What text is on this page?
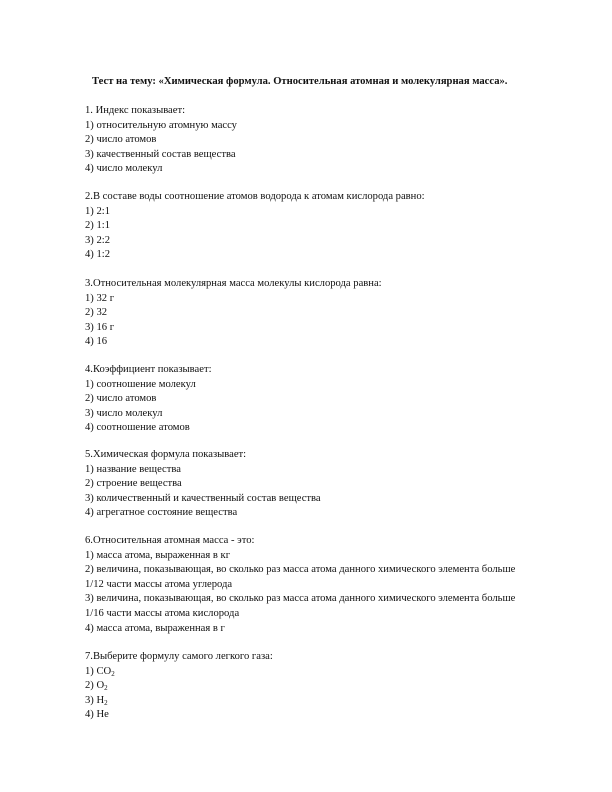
Тест на тему: «Химическая формула. Относительная атомная и молекулярная масса».
1. Индекс показывает:
1) относительную атомную массу
2) число атомов
3) качественный состав вещества
4) число молекул
2.В составе воды соотношение атомов водорода к атомам кислорода равно:
1) 2:1
2) 1:1
3) 2:2
4) 1:2
3.Относительная молекулярная масса молекулы кислорода равна:
1) 32 г
2) 32
3) 16 г
4) 16
4.Коэффициент показывает:
1) соотношение молекул
2) число атомов
3) число молекул
4) соотношение атомов
5.Химическая формула показывает:
1) название вещества
2) строение вещества
3) количественный и качественный состав вещества
4) агрегатное состояние вещества
6.Относительная атомная масса - это:
1) масса атома, выраженная в кг
2) величина, показывающая, во сколько раз масса атома данного химического элемента больше
1/12 части массы атома углерода
3) величина, показывающая, во сколько раз масса атома данного химического элемента больше
1/16 части массы атома кислорода
4) масса атома, выраженная в г
7.Выберите формулу самого легкого газа:
1) $CO_2$
2) $O_2$
3) $H_2$
4) He
